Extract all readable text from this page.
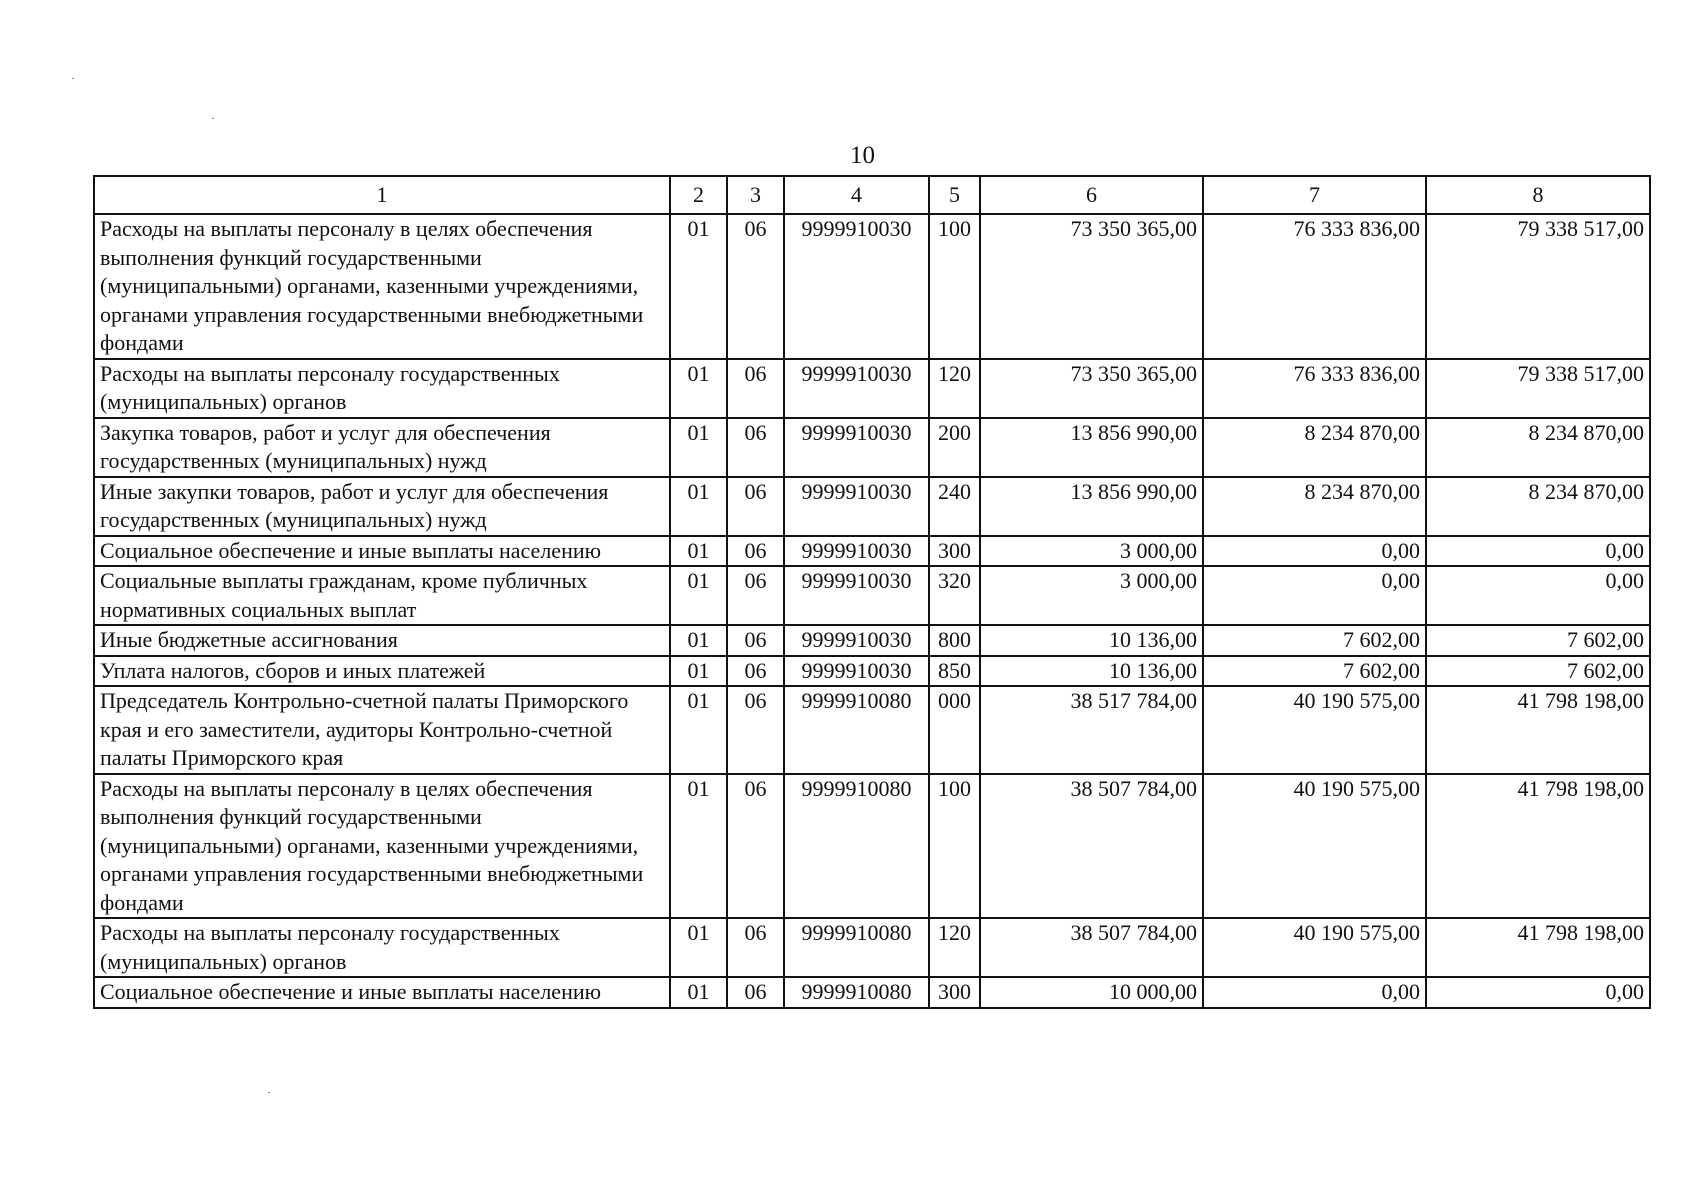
10
1	2	3	4	5	6	7	8
Расходы на выплаты персоналу в целях обеспечения выполнения функций государственными (муниципальными) органами, казенными учреждениями, органами управления государственными внебюджетными фондами	01	06	9999910030	100	73 350 365,00	76 333 836,00	79 338 517,00
Расходы на выплаты персоналу государственных (муниципальных) органов	01	06	9999910030	120	73 350 365,00	76 333 836,00	79 338 517,00
Закупка товаров, работ и услуг для обеспечения государственных (муниципальных) нужд	01	06	9999910030	200	13 856 990,00	8 234 870,00	8 234 870,00
Иные закупки товаров, работ и услуг для обеспечения государственных (муниципальных) нужд	01	06	9999910030	240	13 856 990,00	8 234 870,00	8 234 870,00
Социальное обеспечение и иные выплаты населению	01	06	9999910030	300	3 000,00	0,00	0,00
Социальные выплаты гражданам, кроме публичных нормативных социальных выплат	01	06	9999910030	320	3 000,00	0,00	0,00
Иные бюджетные ассигнования	01	06	9999910030	800	10 136,00	7 602,00	7 602,00
Уплата налогов, сборов и иных платежей	01	06	9999910030	850	10 136,00	7 602,00	7 602,00
Председатель Контрольно-счетной палаты Приморского края и его заместители, аудиторы Контрольно-счетной палаты Приморского края	01	06	9999910080	000	38 517 784,00	40 190 575,00	41 798 198,00
Расходы на выплаты персоналу в целях обеспечения выполнения функций государственными (муниципальными) органами, казенными учреждениями, органами управления государственными внебюджетными фондами	01	06	9999910080	100	38 507 784,00	40 190 575,00	41 798 198,00
Расходы на выплаты персоналу государственных (муниципальных) органов	01	06	9999910080	120	38 507 784,00	40 190 575,00	41 798 198,00
Социальное обеспечение и иные выплаты населению	01	06	9999910080	300	10 000,00	0,00	0,00
